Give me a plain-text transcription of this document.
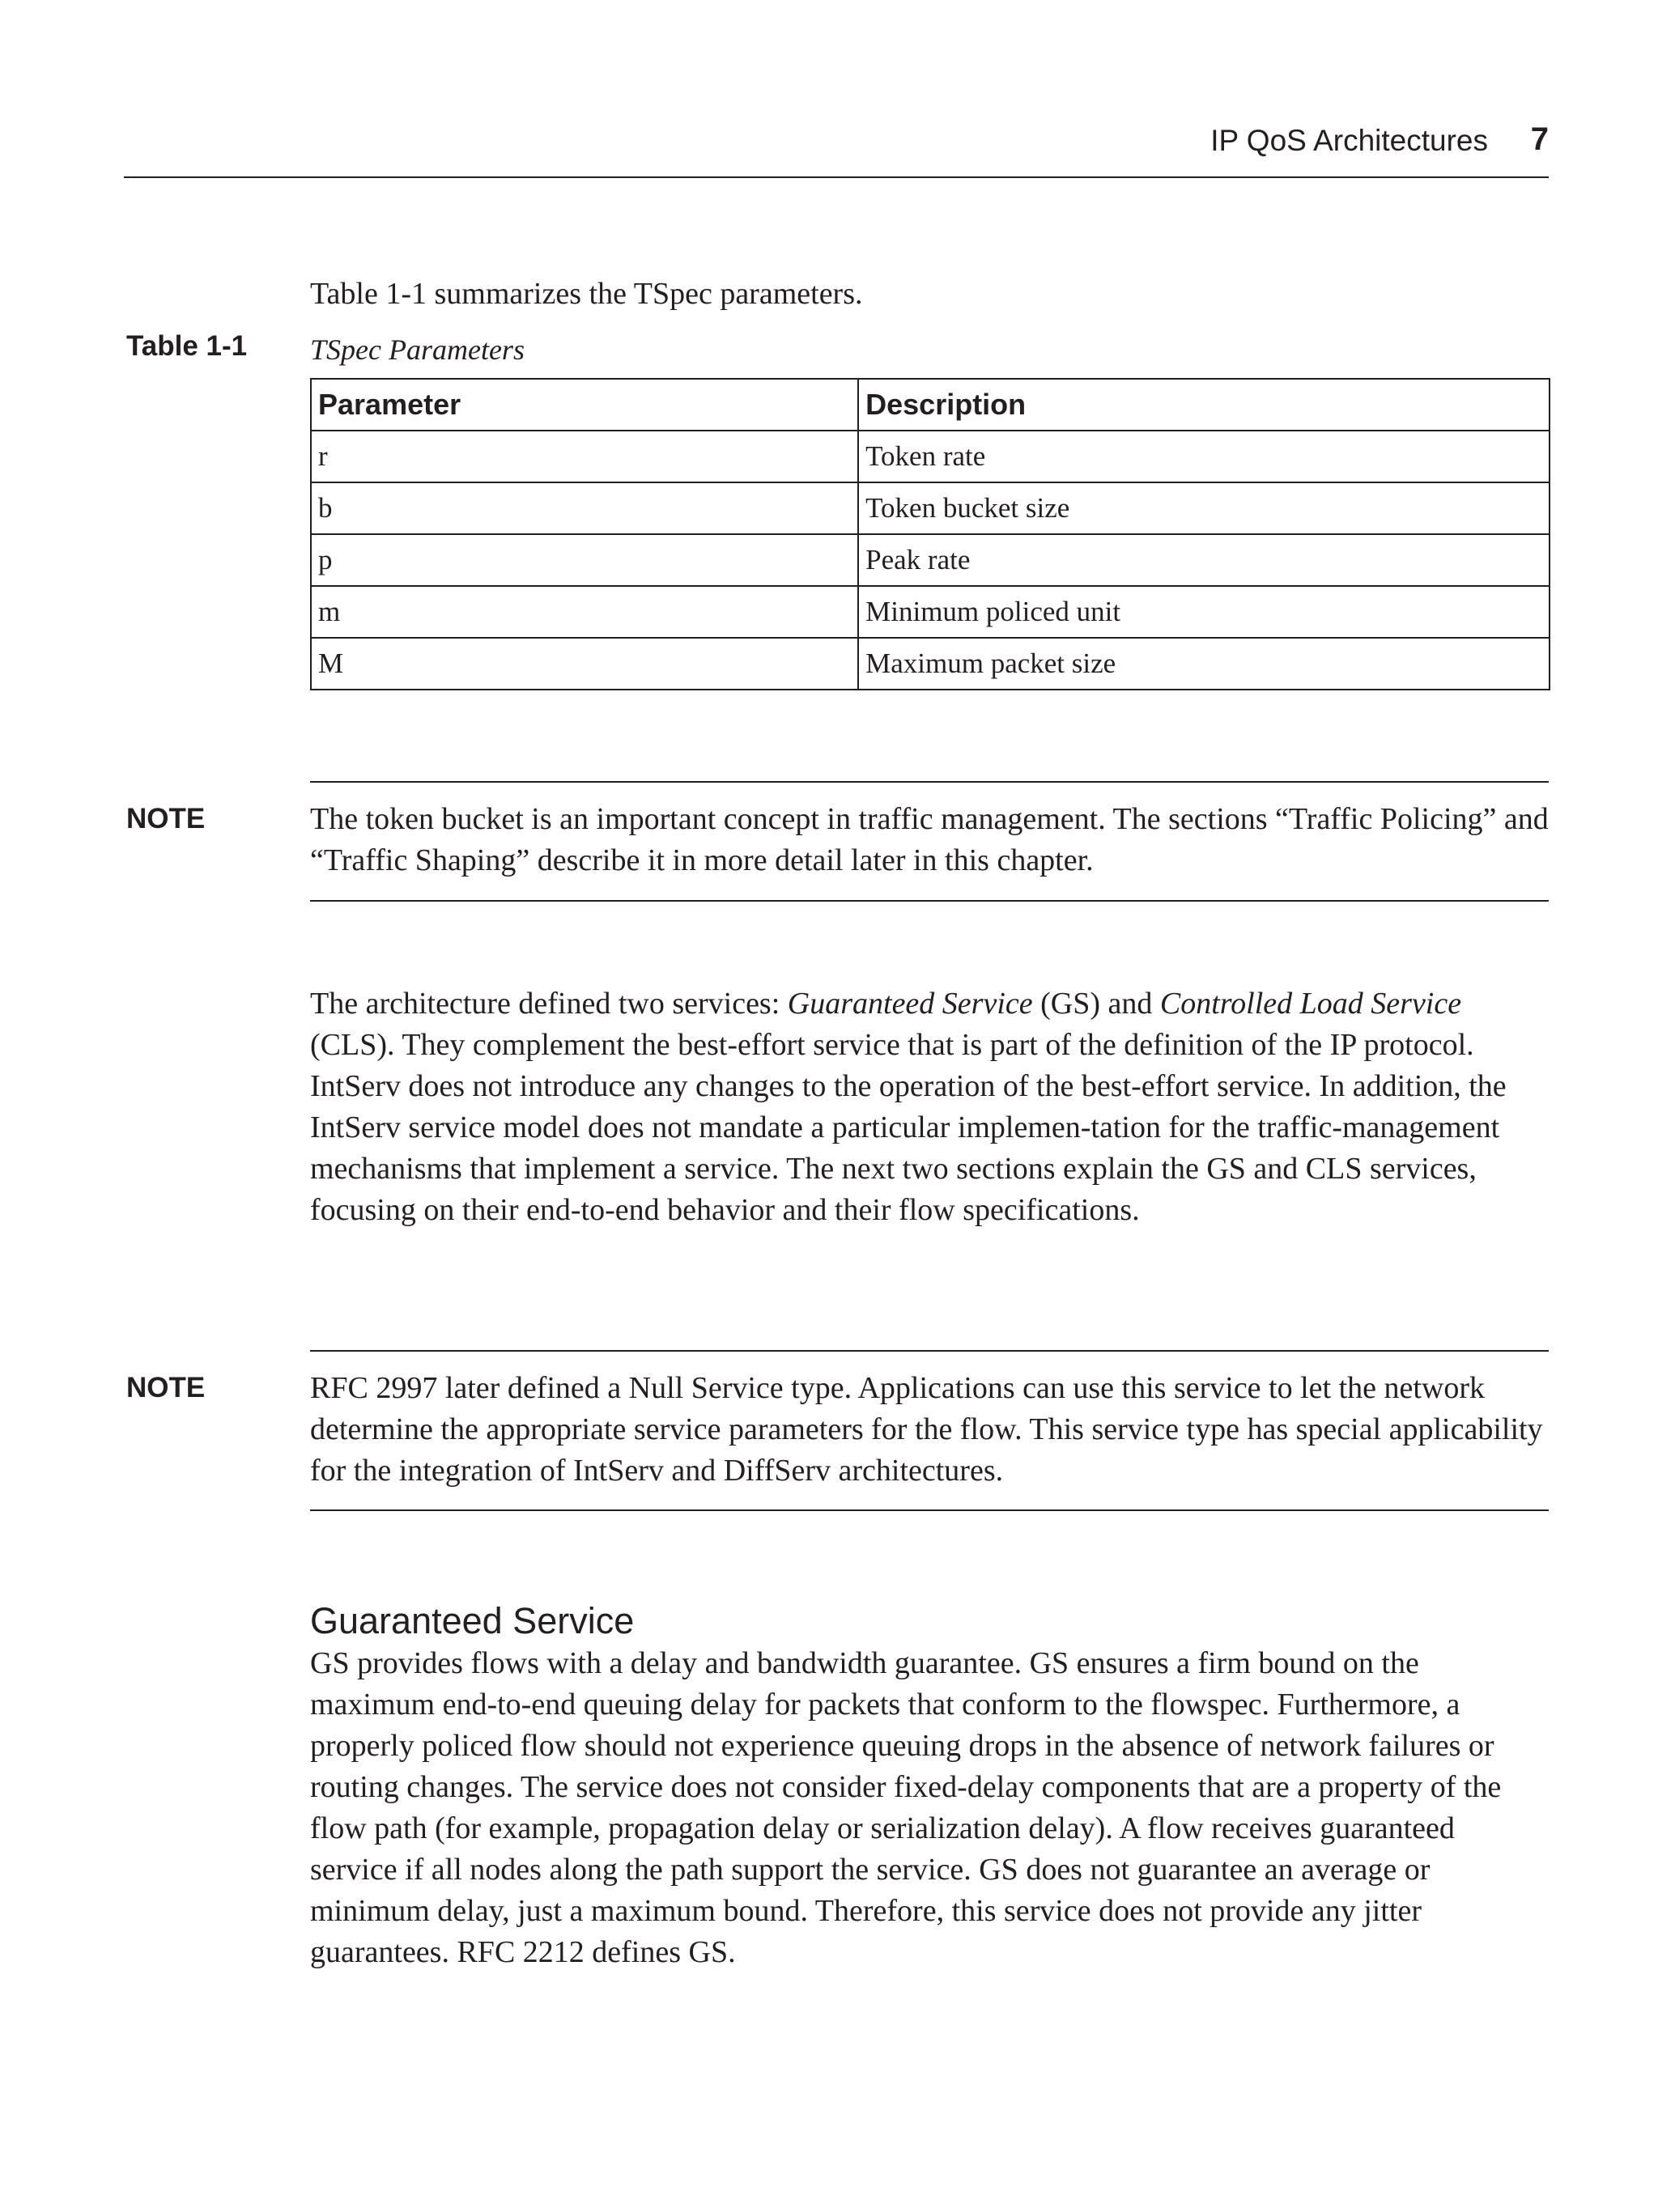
IP QoS Architectures 7

Table 1-1 summarizes the TSpec parameters.

Table 1-1 TSpec Parameters
Parameter	Description
r	Token rate
b	Token bucket size
p	Peak rate
m	Minimum policed unit
M	Maximum packet size
NOTE	The token bucket is an important concept in traffic management. The sections “Traffic Policing” and “Traffic Shaping” describe it in more detail later in this chapter.

The architecture defined two services: Guaranteed Service (GS) and Controlled Load Service (CLS). They complement the best-effort service that is part of the definition of the IP protocol. IntServ does not introduce any changes to the operation of the best-effort service. In addition, the IntServ service model does not mandate a particular implemen-tation for the traffic-management mechanisms that implement a service. The next two sections explain the GS and CLS services, focusing on their end-to-end behavior and their flow specifications.

NOTE	RFC 2997 later defined a Null Service type. Applications can use this service to let the network determine the appropriate service parameters for the flow. This service type has special applicability for the integration of IntServ and DiffServ architectures.

Guaranteed Service

GS provides flows with a delay and bandwidth guarantee. GS ensures a firm bound on the maximum end-to-end queuing delay for packets that conform to the flowspec. Furthermore, a properly policed flow should not experience queuing drops in the absence of network failures or routing changes. The service does not consider fixed-delay components that are a property of the flow path (for example, propagation delay or serialization delay). A flow receives guaranteed service if all nodes along the path support the service. GS does not guarantee an average or minimum delay, just a maximum bound. Therefore, this service does not provide any jitter guarantees. RFC 2212 defines GS.
